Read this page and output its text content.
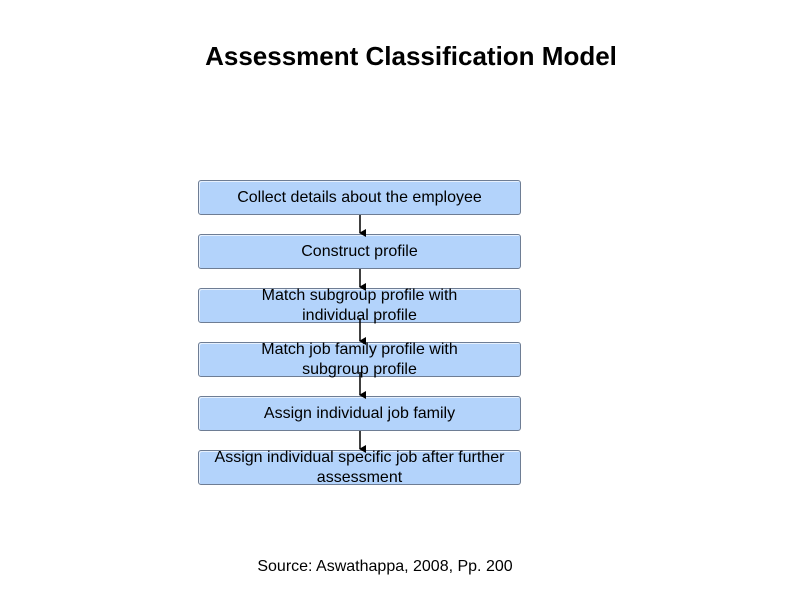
Assessment Classification Model
Collect details about the employee
Construct profile
Match subgroup profile with
individual profile
Match job family profile with
subgroup profile
Assign individual job family
Assign individual specific job after further
assessment
Source: Aswathappa, 2008, Pp. 200
